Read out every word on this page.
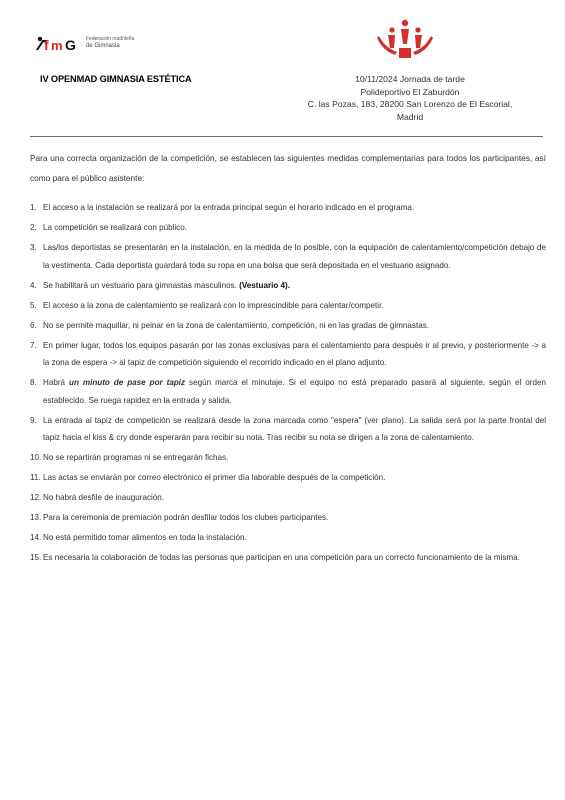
f m G Federación madrileña
de Gimnasia
IV OPENMAD GIMNASIA ESTÉTICA	10/11/2024 Jornada de tarde
Polideportivo El Zaburdón
C. las Pozas, 183, 28200 San Lorenzo de El Escorial,
Madrid
Para una correcta organización de la competición, se establecen las siguientes medidas complementarias para todos los participantes, así como para el público asistente:
1. El acceso a la instalación se realizará por la entrada principal según el horario indicado en el programa.
2. La competición se realizará con público.
3. Las/los deportistas se presentarán en la instalación, en la medida de lo posible, con la equipación de calentamiento/competición debajo de la vestimenta. Cada deportista guardará toda su ropa en una bolsa que será depositada en el vestuario asignado.
4. Se habilitará un vestuario para gimnastas masculinos. (Vestuario 4).
5. El acceso a la zona de calentamiento se realizará con lo imprescindible para calentar/competir.
6. No se permite maquillar, ni peinar en la zona de calentamiento, competición, ni en las gradas de gimnastas.
7. En primer lugar, todos los equipos pasarán por las zonas exclusivas para el calentamiento para después ir al previo, y posteriormente -> a la zona de espera -> al tapiz de competición siguiendo el recorrido indicado en el plano adjunto.
8. Habrá un minuto de pase por tapiz según marca el minutaje. Si el equipo no está preparado pasará al siguiente, según el orden establecido. Se ruega rapidez en la entrada y salida.
9. La entrada al tapiz de competición se realizará desde la zona marcada como "espera" (ver plano). La salida será por la parte frontal del tapiz hacia el kiss & cry donde esperarán para recibir su nota. Tras recibir su nota se dirigen a la zona de calentamiento.
10. No se repartirán programas ni se entregarán fichas.
11. Las actas se enviarán por correo electrónico el primer día laborable después de la competición.
12. No habrá desfile de inauguración.
13. Para la ceremonia de premiación podrán desfilar todos los clubes participantes.
14. No está permitido tomar alimentos en toda la instalación.
15. Es necesaria la colaboración de todas las personas que participan en una competición para un correcto funcionamiento de la misma.
